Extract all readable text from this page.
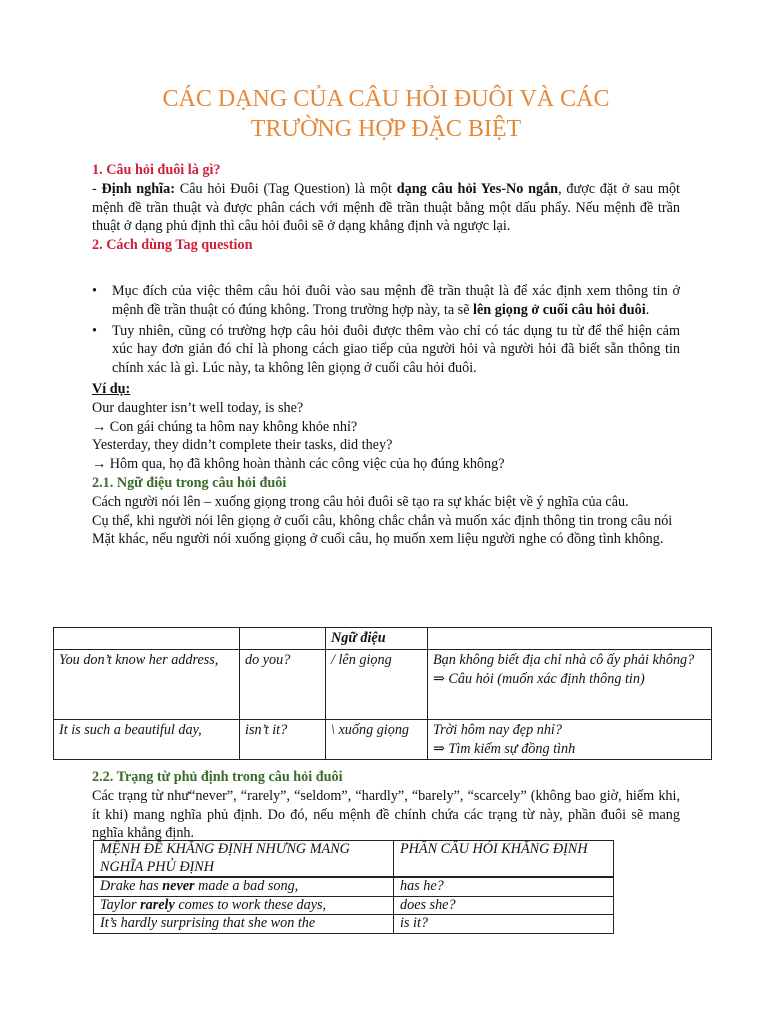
CÁC DẠNG CỦA CÂU HỎI ĐUÔI VÀ CÁC
TRƯỜNG HỢP ĐẶC BIỆT
1. Câu hỏi đuôi là gì?
- Định nghĩa: Câu hỏi Đuôi (Tag Question) là một dạng câu hỏi Yes-No ngắn, được đặt ở sau một mệnh đề trần thuật và được phân cách với mệnh đề trần thuật bằng một dấu phẩy. Nếu mệnh đề trần thuật ở dạng phủ định thì câu hỏi đuôi sẽ ở dạng khẳng định và ngược lại.
2. Cách dùng Tag question
• Mục đích của việc thêm câu hỏi đuôi vào sau mệnh đề trần thuật là để xác định xem thông tin ở mệnh đề trần thuật có đúng không. Trong trường hợp này, ta sẽ lên giọng ở cuối câu hỏi đuôi.
• Tuy nhiên, cũng có trường hợp câu hỏi đuôi được thêm vào chỉ có tác dụng tu từ để thể hiện cảm xúc hay đơn giản đó chỉ là phong cách giao tiếp của người hỏi và người hỏi đã biết sẵn thông tin chính xác là gì. Lúc này, ta không lên giọng ở cuối câu hỏi đuôi.
Ví dụ:
Our daughter isn’t well today, is she?
→ Con gái chúng ta hôm nay không khỏe nhỉ?
Yesterday, they didn’t complete their tasks, did they?
→ Hôm qua, họ đã không hoàn thành các công việc của họ đúng không?
2.1. Ngữ điệu trong câu hỏi đuôi
Cách người nói lên – xuống giọng trong câu hỏi đuôi sẽ tạo ra sự khác biệt về ý nghĩa của câu.
Cụ thể, khi người nói lên giọng ở cuối câu, không chắc chắn và muốn xác định thông tin trong câu nói
Mặt khác, nếu người nói xuống giọng ở cuối câu, họ muốn xem liệu người nghe có đồng tình không.
		Ngữ điệu	
You don’t know her address,	do you?	/ lên giọng	Bạn không biết địa chỉ nhà cô ấy phải không?
⇒ Câu hỏi (muốn xác định thông tin)

It is such a beautiful day,	isn’t it?	\ xuống giọng	Trời hôm nay đẹp nhỉ?
⇒ Tìm kiếm sự đồng tình
2.2. Trạng từ phủ định trong câu hỏi đuôi
Các trạng từ như“never”, “rarely”, “seldom”, “hardly”, “barely”, “scarcely” (không bao giờ, hiếm khi, ít khi) mang nghĩa phủ định. Do đó, nếu mệnh đề chính chứa các trạng từ này, phần đuôi sẽ mang nghĩa khẳng định.
MỆNH ĐỀ KHẲNG ĐỊNH NHƯNG MANG NGHĨA PHỦ ĐỊNH	PHẦN CÂU HỎI KHẲNG ĐỊNH
Drake has never made a bad song,	has he?
Taylor rarely comes to work these days,	does she?
It’s hardly surprising that she won the	is it?
